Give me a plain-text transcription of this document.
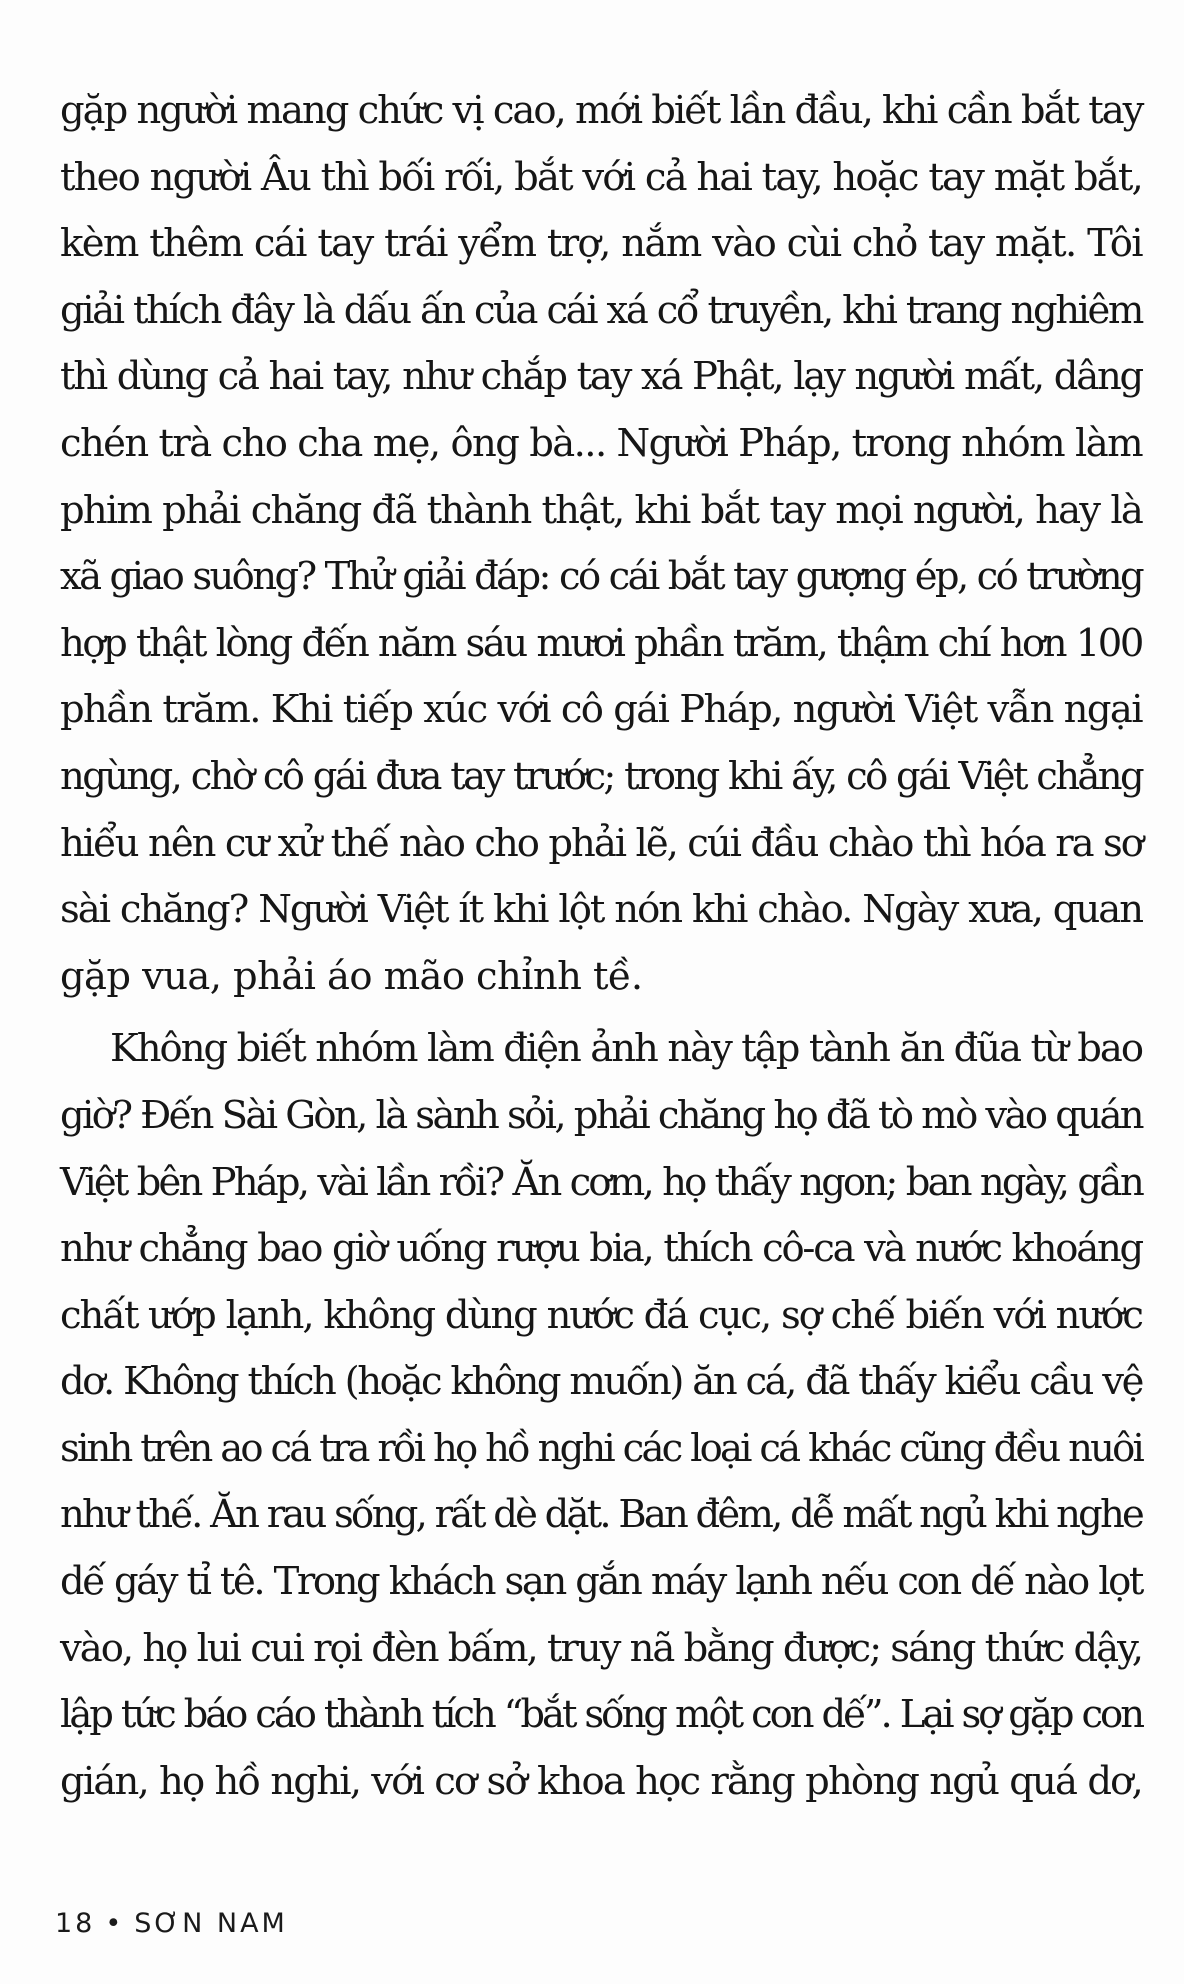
gặp người mang chức vị cao, mới biết lần đầu, khi cần bắt tay
theo người Âu thì bối rối, bắt với cả hai tay, hoặc tay mặt bắt,
kèm thêm cái tay trái yểm trợ, nắm vào cùi chỏ tay mặt. Tôi
giải thích đây là dấu ấn của cái xá cổ truyền, khi trang nghiêm
thì dùng cả hai tay, như chắp tay xá Phật, lạy người mất, dâng
chén trà cho cha mẹ, ông bà... Người Pháp, trong nhóm làm
phim phải chăng đã thành thật, khi bắt tay mọi người, hay là
xã giao suông? Thử giải đáp: có cái bắt tay gượng ép, có trường
hợp thật lòng đến năm sáu mươi phần trăm, thậm chí hơn 100
phần trăm. Khi tiếp xúc với cô gái Pháp, người Việt vẫn ngại
ngùng, chờ cô gái đưa tay trước; trong khi ấy, cô gái Việt chẳng
hiểu nên cư xử thế nào cho phải lẽ, cúi đầu chào thì hóa ra sơ
sài chăng? Người Việt ít khi lột nón khi chào. Ngày xưa, quan
gặp vua, phải áo mão chỉnh tề.
Không biết nhóm làm điện ảnh này tập tành ăn đũa từ bao
giờ? Đến Sài Gòn, là sành sỏi, phải chăng họ đã tò mò vào quán
Việt bên Pháp, vài lần rồi? Ăn cơm, họ thấy ngon; ban ngày, gần
như chẳng bao giờ uống rượu bia, thích cô-ca và nước khoáng
chất ướp lạnh, không dùng nước đá cục, sợ chế biến với nước
dơ. Không thích (hoặc không muốn) ăn cá, đã thấy kiểu cầu vệ
sinh trên ao cá tra rồi họ hồ nghi các loại cá khác cũng đều nuôi
như thế. Ăn rau sống, rất dè dặt. Ban đêm, dễ mất ngủ khi nghe
dế gáy tỉ tê. Trong khách sạn gắn máy lạnh nếu con dế nào lọt
vào, họ lui cui rọi đèn bấm, truy nã bằng được; sáng thức dậy,
lập tức báo cáo thành tích “bắt sống một con dế”. Lại sợ gặp con
gián, họ hồ nghi, với cơ sở khoa học rằng phòng ngủ quá dơ,
18 • SƠN NAM
